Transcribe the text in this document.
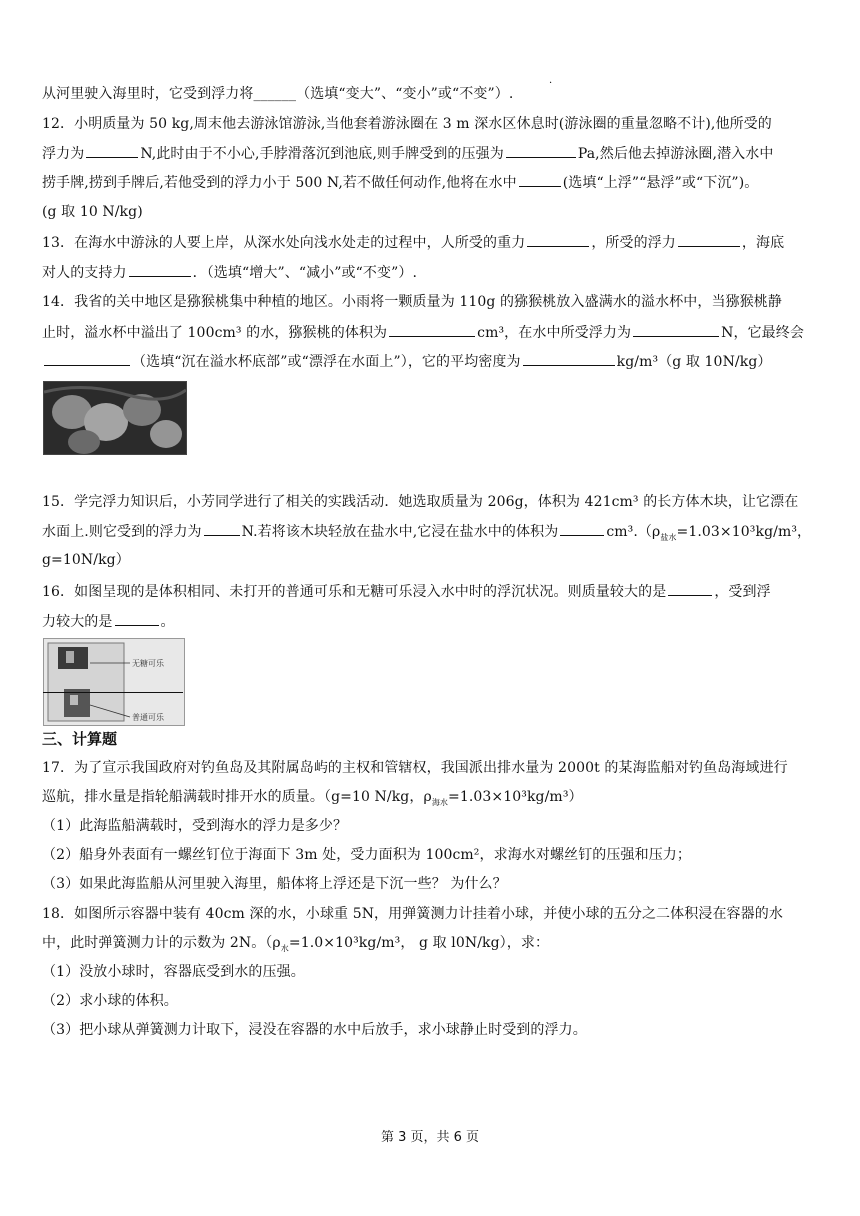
·
从河里驶入海里时，它受到浮力将______（选填“变大”、“变小”或“不变”）.
12．小明质量为 50 kg,周末他去游泳馆游泳,当他套着游泳圈在 3 m 深水区休息时(游泳圈的重量忽略不计),他所受的
浮力为	N,此时由于不小心,手脖滑落沉到池底,则手牌受到的压强为	Pa,然后他去掉游泳圈,潜入水中
捞手牌,捞到手牌后,若他受到的浮力小于 500 N,若不做任何动作,他将在水中	(选填“上浮”“悬浮”或“下沉”)。
(g 取 10 N/kg)
13．在海水中游泳的人要上岸，从深水处向浅水处走的过程中，人所受的重力	，所受的浮力	，海底
对人的支持力	．（选填“增大”、“减小”或“不变”）.
14．我省的关中地区是猕猴桃集中种植的地区。小雨将一颗质量为 110g 的猕猴桃放入盛满水的溢水杯中，当猕猴桃静
止时，溢水杯中溢出了 100cm³ 的水，猕猴桃的体积为	cm³，在水中所受浮力为	N，它最终会
（选填“沉在溢水杯底部”或“漂浮在水面上”），它的平均密度为	kg/m³（g 取 10N/kg）
15．学完浮力知识后，小芳同学进行了相关的实践活动．她选取质量为 206g，体积为 421cm³ 的长方体木块，让它漂在
水面上.则它受到的浮力为	N.若将该木块轻放在盐水中,它浸在盐水中的体积为	$cm^3.(\rho_{盐水}=1.03\times 10^3kg/m^3$，
g=10N/kg）
16．如图呈现的是体积相同、未打开的普通可乐和无糖可乐浸入水中时的浮沉状况。则质量较大的是	，受到浮
力较大的是	。
无糖可乐
普通可乐
三、计算题
17．为了宣示我国政府对钓鱼岛及其附属岛屿的主权和管辖权，我国派出排水量为 2000t 的某海监船对钓鱼岛海域进行
巡航，排水量是指轮船满载时排开水的质量。（g=10 N/kg，$\rho_{海水}=1.03\times 10^3kg/m^3$）
（1）此海监船满载时，受到海水的浮力是多少？
（2）船身外表面有一螺丝钉位于海面下 3m 处，受力面积为 100cm²，求海水对螺丝钉的压强和压力；
（3）如果此海监船从河里驶入海里，船体将上浮还是下沉一些？ 为什么？
18．如图所示容器中装有 40cm 深的水，小球重 5N，用弹簧测力计挂着小球，并使小球的五分之二体积浸在容器的水
中，此时弹簧测力计的示数为 2N。（$\rho_水=1.0\times 10^3kg/m^3$， g 取 l0N/kg），求：
（1）没放小球时，容器底受到水的压强。
（2）求小球的体积。
（3）把小球从弹簧测力计取下，浸没在容器的水中后放手，求小球静止时受到的浮力。
第 3 页，共 6 页
